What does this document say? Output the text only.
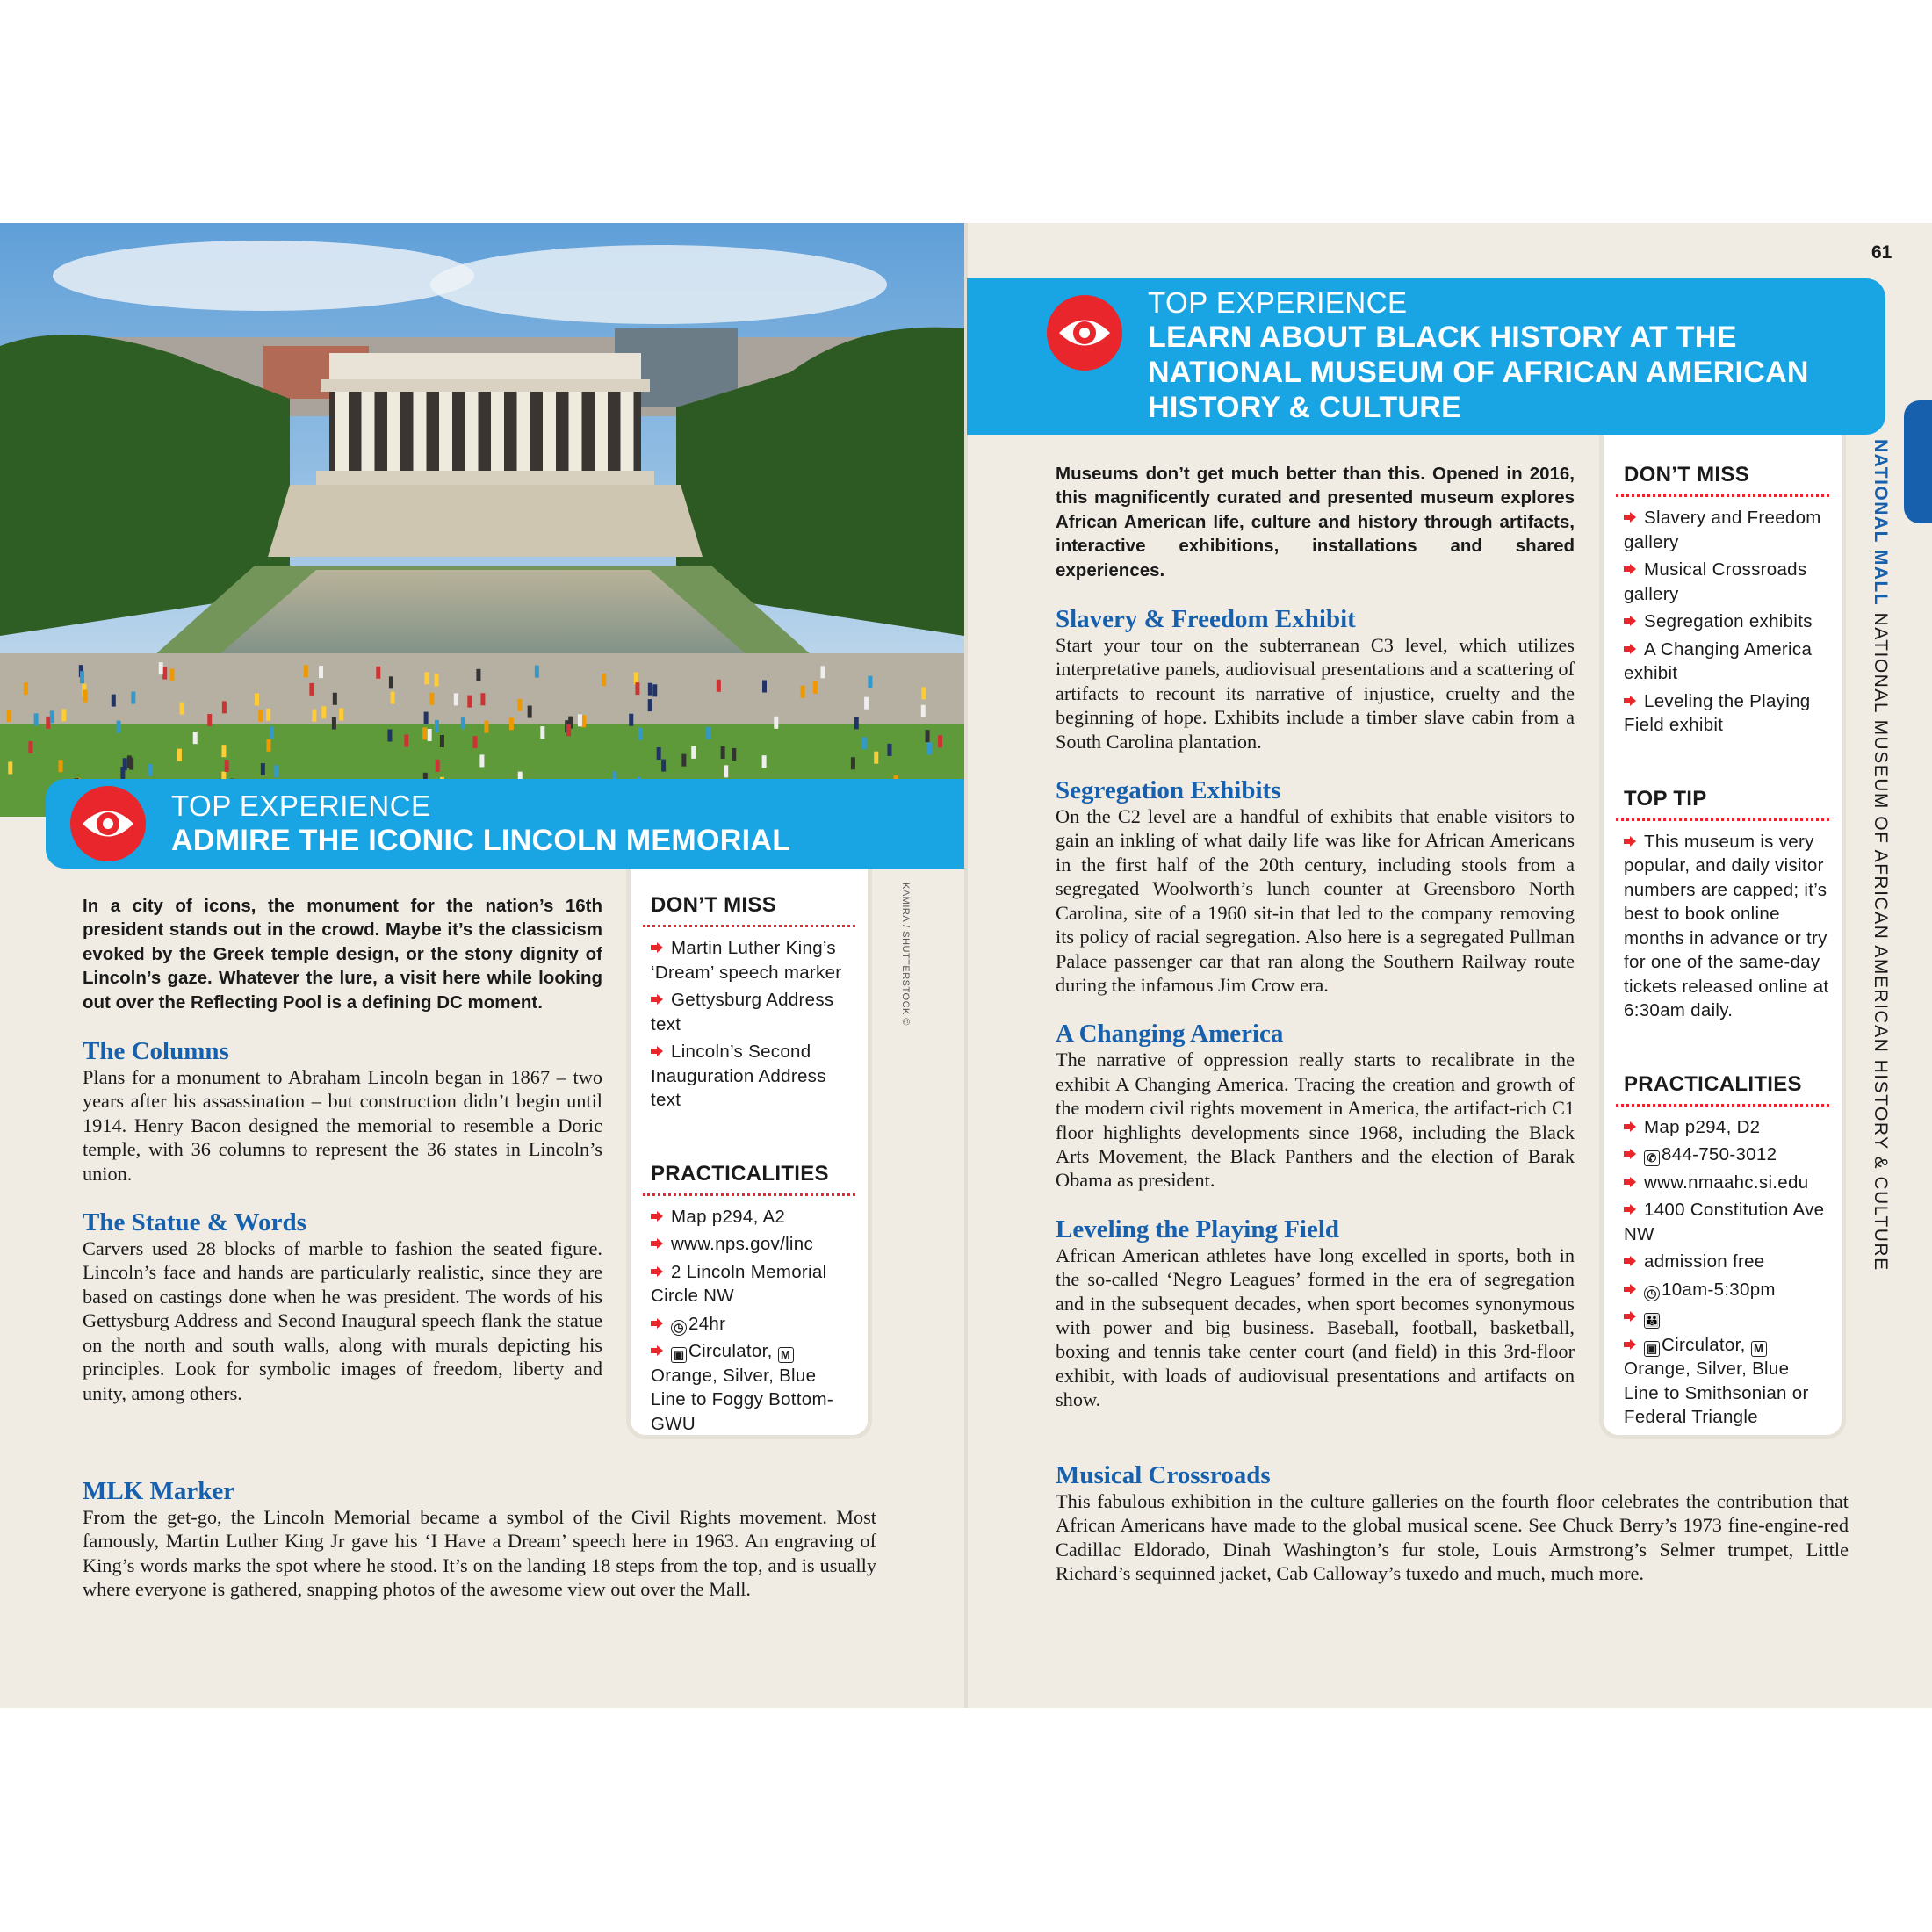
KAMIRA / SHUTTERSTOCK ©
TOP EXPERIENCE
ADMIRE THE ICONIC LINCOLN MEMORIAL

In a city of icons, the monument for the nation’s 16th president stands out in the crowd. Maybe it’s the classicism evoked by the Greek temple design, or the stony dignity of Lincoln’s gaze. Whatever the lure, a visit here while looking out over the Reflecting Pool is a defining DC moment.

The Columns

Plans for a monument to Abraham Lincoln began in 1867 – two years after his assassination – but construction didn’t begin until 1914. Henry Bacon designed the memorial to resemble a Doric temple, with 36 columns to represent the 36 states in Lincoln’s union.

The Statue & Words

Carvers used 28 blocks of marble to fashion the seated figure. Lincoln’s face and hands are particularly realistic, since they are based on castings done when he was president. The words of his Gettysburg Address and Second Inaugural speech flank the statue on the north and south walls, along with murals depicting his principles. Look for symbolic images of freedom, liberty and unity, among others.

MLK Marker

From the get-go, the Lincoln Memorial became a symbol of the Civil Rights movement. Most famously, Martin Luther King Jr gave his ‘I Have a Dream’ speech here in 1963. An engraving of King’s words marks the spot where he stood. It’s on the landing 18 steps from the top, and is usually where everyone is gathered, snapping photos of the awesome view out over the Mall.

DON’T MISS
Martin Luther King’s ‘Dream’ speech marker
Gettysburg Address text
Lincoln’s Second Inauguration Address text
PRACTICALITIES
Map p294, A2
www.nps.gov/linc
2 Lincoln Memorial Circle NW
◷ 24hr
▣ Circulator, MOrange, Silver, Blue Line to Foggy Bottom-GWU
61
NATIONAL MALL NATIONAL MUSEUM OF AFRICAN AMERICAN HISTORY & CULTURE
TOP EXPERIENCE
LEARN ABOUT BLACK HISTORY AT THE NATIONAL MUSEUM OF AFRICAN AMERICAN HISTORY & CULTURE

Museums don’t get much better than this. Opened in 2016, this magnificently curated and presented museum explores African American life, culture and history through artifacts, interactive exhibitions, installations and shared experiences.

Slavery & Freedom Exhibit

Start your tour on the subterranean C3 level, which utilizes interpretative panels, audiovisual presentations and a scattering of artifacts to recount its narrative of injustice, cruelty and the beginning of hope. Exhibits include a timber slave cabin from a South Carolina plantation.

Segregation Exhibits

On the C2 level are a handful of exhibits that enable visitors to gain an inkling of what daily life was like for African Americans in the first half of the 20th century, including stools from a segregated Woolworth’s lunch counter at Greensboro North Carolina, site of a 1960 sit-in that led to the company removing its policy of racial segregation. Also here is a segregated Pullman Palace passenger car that ran along the Southern Railway route during the infamous Jim Crow era.

A Changing America

The narrative of oppression really starts to recalibrate in the exhibit A Changing America. Tracing the creation and growth of the modern civil rights movement in America, the artifact-rich C1 floor highlights developments since 1968, including the Black Arts Movement, the Black Panthers and the election of Barak Obama as president.

Leveling the Playing Field

African American athletes have long excelled in sports, both in the so-called ‘Negro Leagues’ formed in the era of segregation and in the subsequent decades, when sport becomes synonymous with power and big business. Baseball, football, basketball, boxing and tennis take center court (and field) in this 3rd-floor exhibit, with loads of audiovisual presentations and artifacts on show.

Musical Crossroads

This fabulous exhibition in the culture galleries on the fourth floor celebrates the contribution that African Americans have made to the global musical scene. See Chuck Berry’s 1973 fine-engine-red Cadillac Eldorado, Dinah Washington’s fur stole, Louis Armstrong’s Selmer trumpet, Little Richard’s sequinned jacket, Cab Calloway’s tuxedo and much, much more.

DON’T MISS
Slavery and Freedom gallery
Musical Crossroads gallery
Segregation exhibits
A Changing America exhibit
Leveling the Playing Field exhibit
TOP TIP
This museum is very popular, and daily visitor numbers are capped; it’s best to book online months in advance or try for one of the same-day tickets released online at 6:30am daily.
PRACTICALITIES
Map p294, D2
✆ 844-750-3012
www.nmaahc.si.edu
1400 Constitution Ave NW
admission free
◷ 10am-5:30pm
👪
▣ Circulator, MOrange, Silver, Blue Line to Smithsonian or Federal Triangle
